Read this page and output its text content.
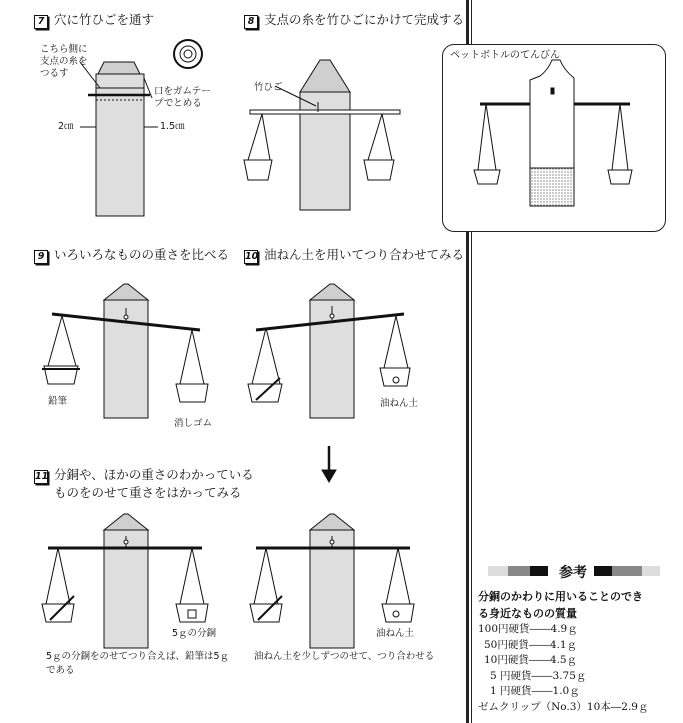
7 穴に竹ひごを通す	8 支点の糸を竹ひごにかけて完成する
9 いろいろなものの重さを比べる 10 油ねん土を用いてつり合わせてみる
11 分銅や、ほかの重さのわかっている
ものをのせて重さをはかってみる
ペットボトルのてんびん
こちら側に
支点の糸を
つるす
口をガムテー
プでとめる
2㎝	1.5㎝
竹ひご
鉛筆
消しゴム
油ねん土
5ｇの分銅	油ねん土
5ｇの分銅をのせてつり合えば、鉛筆は5ｇ
である
油ねん土を少しずつのせて、つり合わせる
参考
分銅のかわりに用いることのでき
る身近なものの質量
100円硬貨――4.9ｇ
50円硬貨――4.1ｇ
10円硬貨――4.5ｇ
5 円硬貨――3.75ｇ
1 円硬貨――1.0ｇ
ゼムクリップ（No.3）10本―2.9ｇ
